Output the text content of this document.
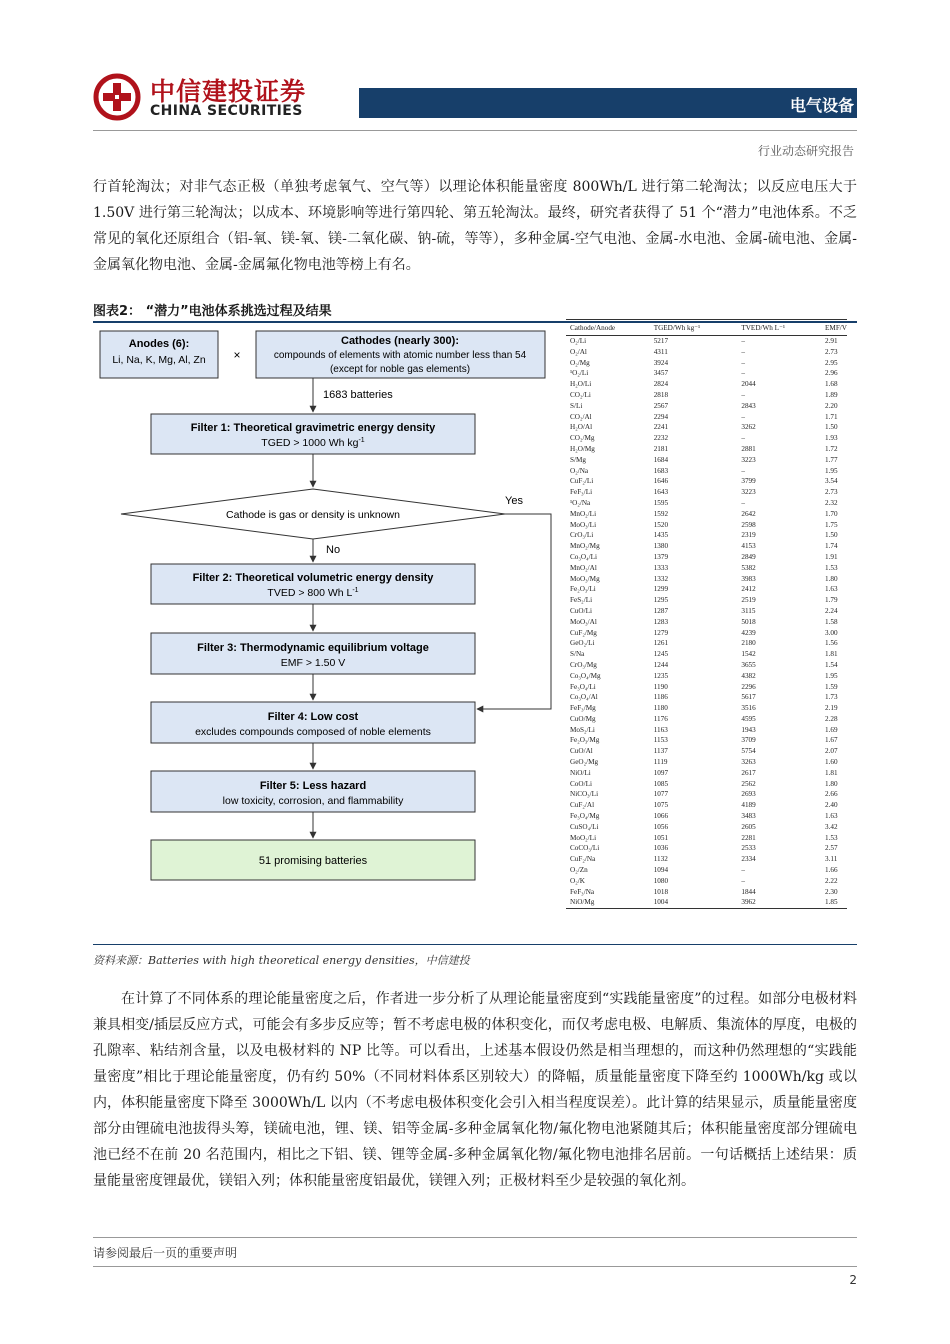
中信建投证券
CHINA SECURITIES	电气设备
行业动态研究报告

行首轮淘汰；对非气态正极（单独考虑氧气、空气等）以理论体积能量密度 800Wh/L 进行第二轮淘汰；以反应电压大于 1.50V 进行第三轮淘汰；以成本、环境影响等进行第四轮、第五轮淘汰。最终，研究者获得了 51 个“潜力”电池体系。不乏常见的氧化还原组合（铝-氧、镁-氧、镁-二氧化碳、钠-硫，等等），多种金属-空气电池、金属-水电池、金属-硫电池、金属-金属氧化物电池、金属-金属氟化物电池等榜上有名。

图表2： “潜力”电池体系挑选过程及结果
Anodes (6):
Li, Na, K, Mg, Al, Zn ×
Cathodes (nearly 300):
compounds of elements with atomic number less than 54
(except for noble gas elements)
1683 batteries
Filter 1: Theoretical gravimetric energy density
TGED > 1000 Wh $kg^{-1}$
Cathode is gas or density is unknown
Yes
No
Filter 2: Theoretical volumetric energy density
TVED > 800 Wh $L^{-1}$
Filter 3: Thermodynamic equilibrium voltage
EMF > 1.50 V
Filter 4: Low cost
excludes compounds composed of noble elements
Filter 5: Less hazard
low toxicity, corrosion, and flammability
51 promising batteries
Cathode/Anode	TGED/Wh kg⁻¹	TVED/Wh L⁻¹	EMF/V
O₂/Li	5217	–	2.91
O₂/Al	4311	–	2.73
O₂/Mg	3924	–	2.95
¹O₂/Li	3457	–	2.96
H₂O/Li	2824	2044	1.68
CO₂/Li	2818	–	1.89
S/Li	2567	2843	2.20
CO₂/Al	2294	–	1.71
H₂O/Al	2241	3262	1.50
CO₂/Mg	2232	–	1.93
H₂O/Mg	2181	2881	1.72
S/Mg	1684	3223	1.77
O₂/Na	1683	–	1.95
CuF₂/Li	1646	3799	3.54
FeF₃/Li	1643	3223	2.73
¹O₂/Na	1595	–	2.32
MnO₂/Li	1592	2642	1.70
MoO₃/Li	1520	2598	1.75
CrO₃/Li	1435	2319	1.50
MnO₂/Mg	1380	4153	1.74
Co₃O₄/Li	1379	2849	1.91
MnO₂/Al	1333	5382	1.53
MoO₃/Mg	1332	3983	1.80
Fe₂O₃/Li	1299	2412	1.63
FeS₂/Li	1295	2519	1.79
CuO/Li	1287	3115	2.24
MoO₃/Al	1283	5018	1.58
CuF₂/Mg	1279	4239	3.00
GeO₂/Li	1261	2180	1.56
S/Na	1245	1542	1.81
CrO₃/Mg	1244	3655	1.54
Co₃O₄/Mg	1235	4382	1.95
Fe₃O₄/Li	1190	2296	1.59
Co₃O₄/Al	1186	5617	1.73
FeF₃/Mg	1180	3516	2.19
CuO/Mg	1176	4595	2.28
MoS₂/Li	1163	1943	1.69
Fe₂O₃/Mg	1153	3709	1.67
CuO/Al	1137	5754	2.07
GeO₂/Mg	1119	3263	1.60
NiO/Li	1097	2617	1.81
CoO/Li	1085	2562	1.80
NiCO₃/Li	1077	2693	2.66
CuF₂/Al	1075	4189	2.40
Fe₃O₄/Mg	1066	3483	1.63
CuSO₄/Li	1056	2605	3.42
MoO₂/Li	1051	2281	1.53
CoCO₃/Li	1036	2533	2.57
CuF₂/Na	1132	2334	3.11
O₂/Zn	1094	–	1.66
O₂/K	1080	–	2.22
FeF₃/Na	1018	1844	2.30
NiO/Mg	1004	3962	1.85
资料来源：Batteries with high theoretical energy densities，中信建投

在计算了不同体系的理论能量密度之后，作者进一步分析了从理论能量密度到“实践能量密度”的过程。如部分电极材料兼具相变/插层反应方式，可能会有多步反应等；暂不考虑电极的体积变化，而仅考虑电极、电解质、集流体的厚度，电极的孔隙率、粘结剂含量，以及电极材料的 NP 比等。可以看出，上述基本假设仍然是相当理想的，而这种仍然理想的“实践能量密度”相比于理论能量密度，仍有约 50%（不同材料体系区别较大）的降幅，质量能量密度下降至约 1000Wh/kg 或以内，体积能量密度下降至 3000Wh/L 以内（不考虑电极体积变化会引入相当程度误差）。此计算的结果显示，质量能量密度部分由锂硫电池拔得头筹，镁硫电池，锂、镁、铝等金属-多种金属氧化物/氟化物电池紧随其后；体积能量密度部分锂硫电池已经不在前 20 名范围内，相比之下铝、镁、锂等金属-多种金属氧化物/氟化物电池排名居前。一句话概括上述结果：质量能量密度锂最优，镁铝入列；体积能量密度铝最优，镁锂入列；正极材料至少是较强的氧化剂。

请参阅最后一页的重要声明
2
